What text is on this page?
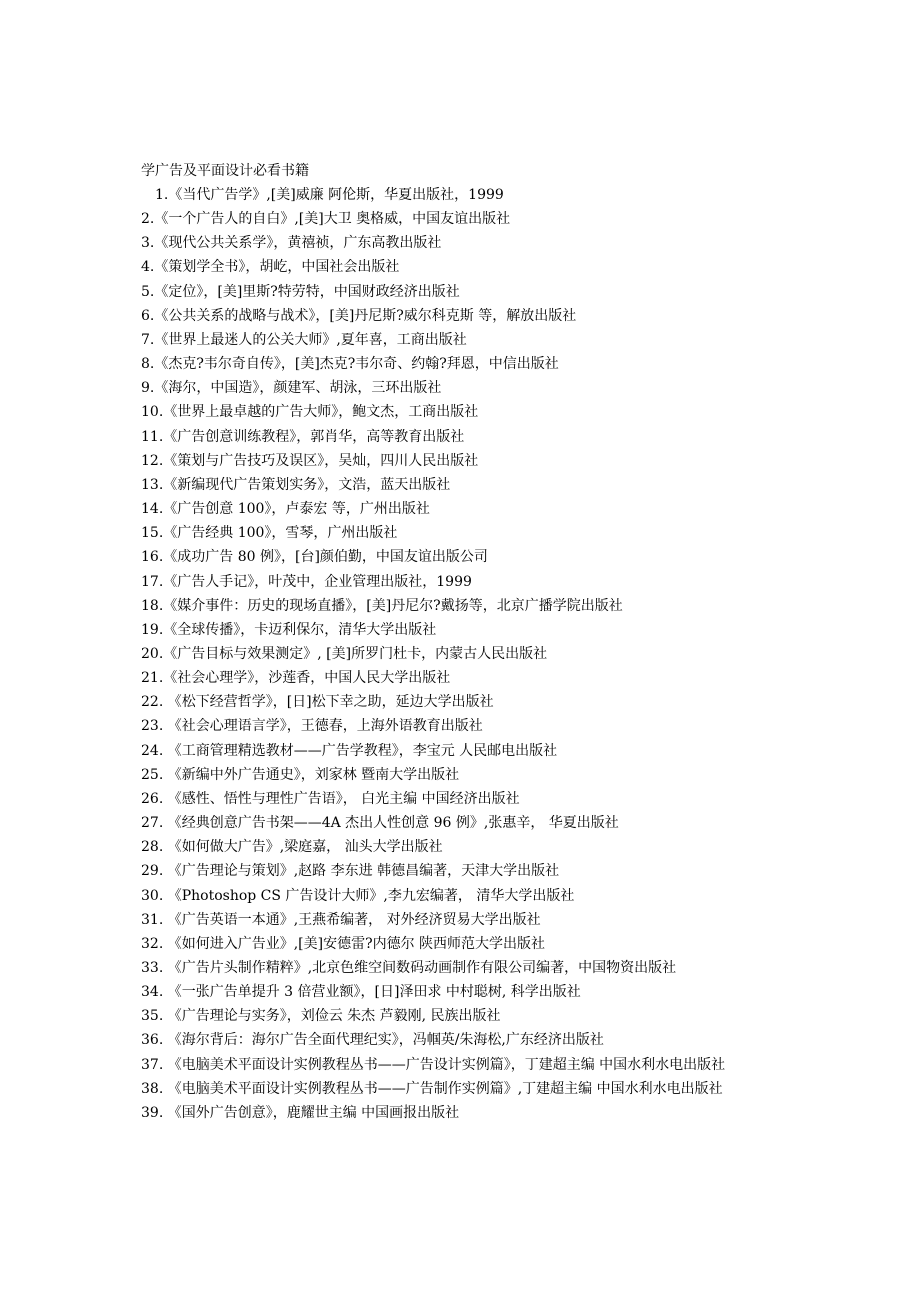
学广告及平面设计必看书籍
1.《当代广告学》,[美]威廉 阿伦斯，华夏出版社，1999
2.《一个广告人的自白》,[美]大卫 奥格威，中国友谊出版社
3.《现代公共关系学》，黄禧祯，广东高教出版社
4.《策划学全书》，胡屹，中国社会出版社
5.《定位》，[美]里斯?特劳特，中国财政经济出版社
6.《公共关系的战略与战术》，[美]丹尼斯?威尔科克斯 等，解放出版社
7.《世界上最迷人的公关大师》,夏年喜，工商出版社
8.《杰克?韦尔奇自传》，[美]杰克?韦尔奇、约翰?拜恩，中信出版社
9.《海尔，中国造》，颜建军、胡泳，三环出版社
10.《世界上最卓越的广告大师》，鲍文杰，工商出版社
11.《广告创意训练教程》，郭肖华，高等教育出版社
12.《策划与广告技巧及误区》，吴灿，四川人民出版社
13.《新编现代广告策划实务》，文浩，蓝天出版社
14.《广告创意 100》，卢泰宏 等，广州出版社
15.《广告经典 100》，雪琴，广州出版社
16.《成功广告 80 例》，[台]颜伯勤，中国友谊出版公司
17.《广告人手记》，叶茂中，企业管理出版社，1999
18.《媒介事件：历史的现场直播》，[美]丹尼尔?戴扬等，北京广播学院出版社
19.《全球传播》，卡迈利保尔，清华大学出版社
20.《广告目标与效果测定》, [美]所罗门杜卡，内蒙古人民出版社
21.《社会心理学》，沙莲香，中国人民大学出版社
22. 《松下经营哲学》，[日]松下幸之助，延边大学出版社
23. 《社会心理语言学》，王德春，上海外语教育出版社
24. 《工商管理精选教材——广告学教程》，李宝元 人民邮电出版社
25. 《新编中外广告通史》，刘家林 暨南大学出版社
26. 《感性、悟性与理性广告语》， 白光主编 中国经济出版社
27. 《经典创意广告书架——4A 杰出人性创意 96 例》,张惠辛， 华夏出版社
28. 《如何做大广告》,梁庭嘉， 汕头大学出版社
29. 《广告理论与策划》,赵路 李东进 韩德昌编著，天津大学出版社
30. 《Photoshop CS 广告设计大师》,李九宏编著， 清华大学出版社
31. 《广告英语一本通》,王燕希编著， 对外经济贸易大学出版社
32. 《如何进入广告业》,[美]安德雷?内德尔 陕西师范大学出版社
33. 《广告片头制作精粹》,北京色维空间数码动画制作有限公司编著，中国物资出版社
34. 《一张广告单提升 3 倍营业额》，[日]泽田求 中村聪树, 科学出版社
35. 《广告理论与实务》，刘俭云 朱杰 芦毅刚, 民族出版社
36. 《海尔背后：海尔广告全面代理纪实》，冯帼英/朱海松,广东经济出版社
37. 《电脑美术平面设计实例教程丛书——广告设计实例篇》，丁建超主编 中国水利水电出版社
38. 《电脑美术平面设计实例教程丛书——广告制作实例篇》,丁建超主编 中国水利水电出版社
39. 《国外广告创意》，鹿耀世主编 中国画报出版社
